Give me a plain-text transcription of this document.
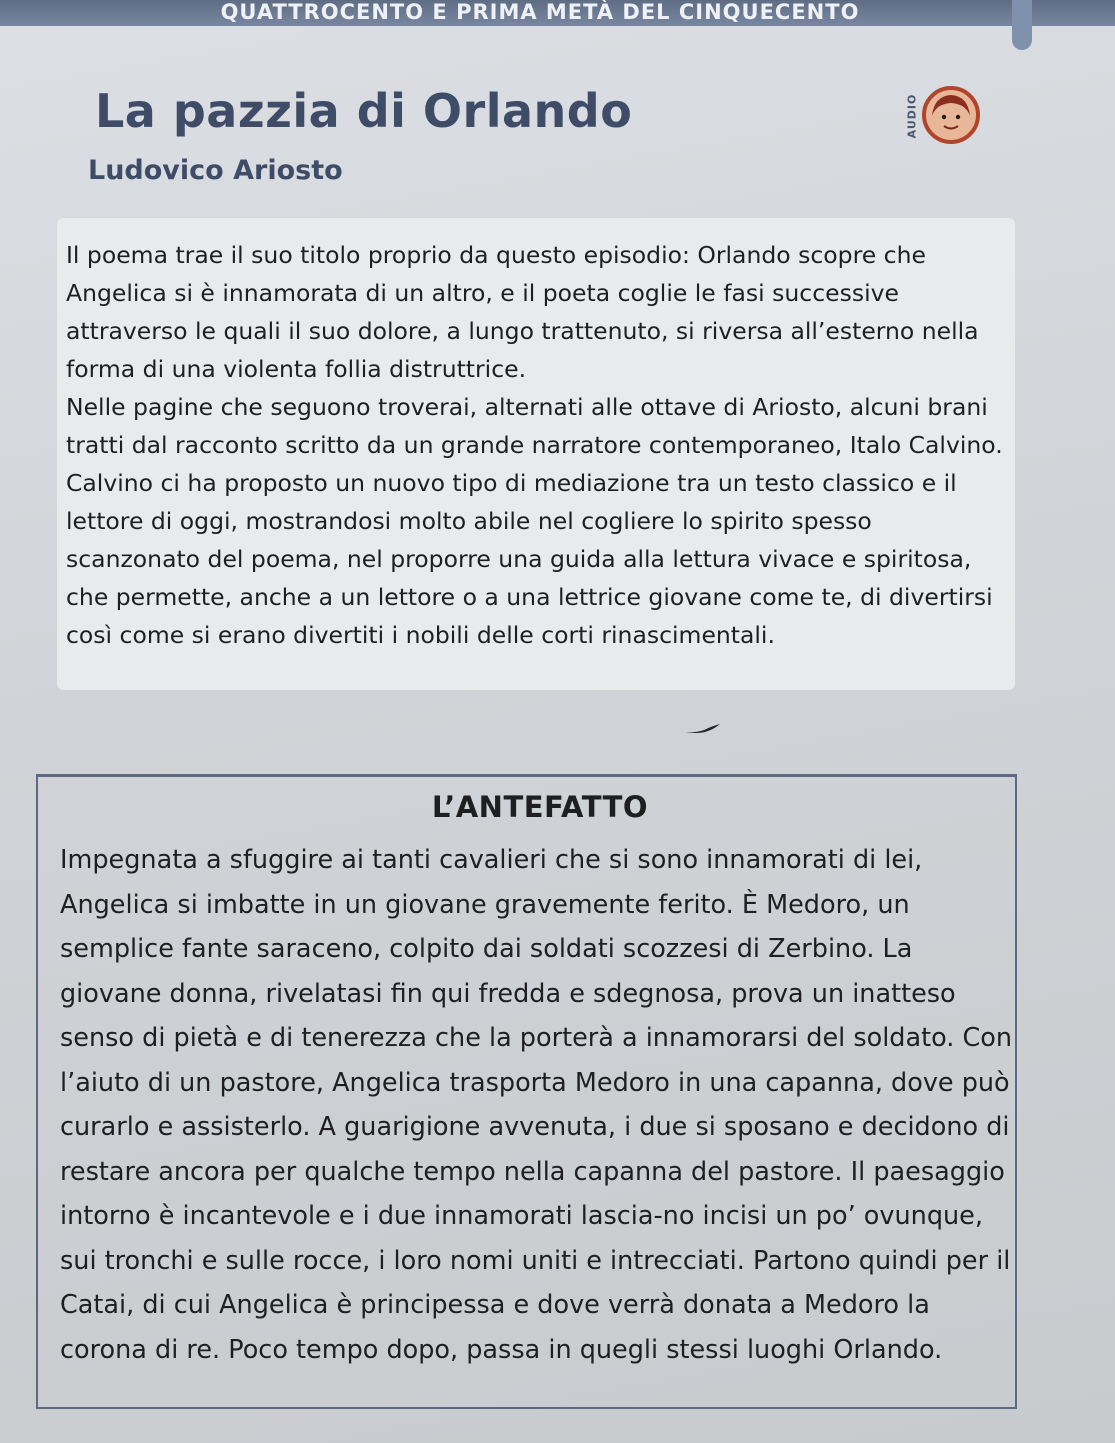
QUATTROCENTO E PRIMA METÀ DEL CINQUECENTO
La pazzia di Orlando
Ludovico Ariosto
AUDIO

Il poema trae il suo titolo proprio da questo episodio: Orlando scopre che Angelica si è innamorata di un altro, e il poeta coglie le fasi successive attraverso le quali il suo dolore, a lungo trattenuto, si riversa all’esterno nella forma di una violenta follia distruttrice.

Nelle pagine che seguono troverai, alternati alle ottave di Ariosto, alcuni brani tratti dal racconto scritto da un grande narratore contemporaneo, Italo Calvino. Calvino ci ha proposto un nuovo tipo di mediazione tra un testo classico e il lettore di oggi, mostrandosi molto abile nel cogliere lo spirito spesso scanzonato del poema, nel proporre una guida alla lettura vivace e spiritosa, che permette, anche a un lettore o a una lettrice giovane come te, di divertirsi così come si erano divertiti i nobili delle corti rinascimentali.

L’ANTEFATTO

Impegnata a sfuggire ai tanti cavalieri che si sono innamorati di lei, Angelica si imbatte in un giovane gravemente ferito. È Medoro, un semplice fante saraceno, colpito dai soldati scozzesi di Zerbino. La giovane donna, rivelatasi fin qui fredda e sdegnosa, prova un inatteso senso di pietà e di tenerezza che la porterà a innamorarsi del soldato. Con l’aiuto di un pastore, Angelica trasporta Medoro in una capanna, dove può curarlo e assisterlo. A guarigione avvenuta, i due si sposano e decidono di restare ancora per qualche tempo nella capanna del pastore. Il paesaggio intorno è incantevole e i due innamorati lascia-no incisi un po’ ovunque, sui tronchi e sulle rocce, i loro nomi uniti e intrecciati. Partono quindi per il Catai, di cui Angelica è principessa e dove verrà donata a Medoro la corona di re. Poco tempo dopo, passa in quegli stessi luoghi Orlando.
